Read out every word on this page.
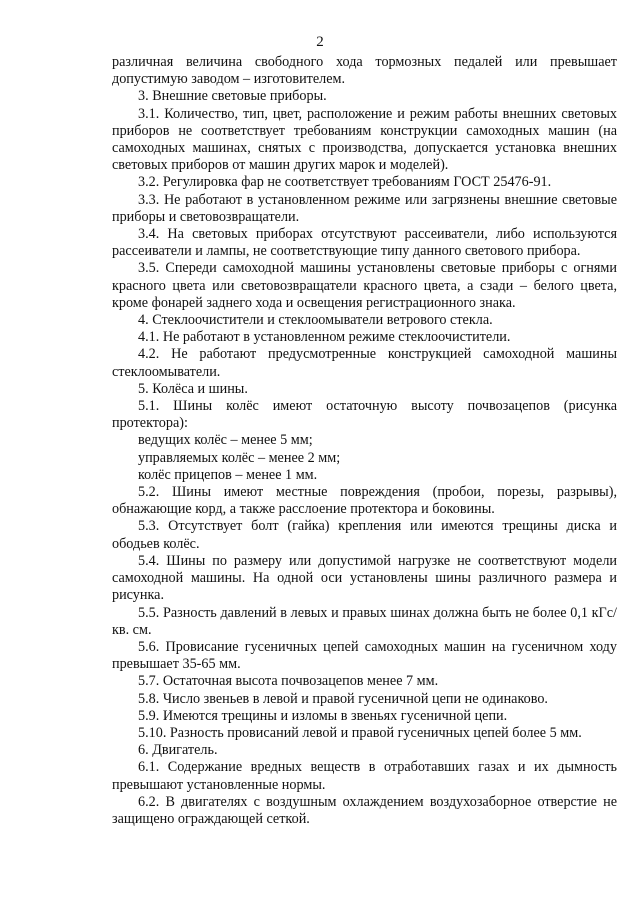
2

различная величина свободного хода тормозных педалей или превышает допустимую заводом – изготовителем.

3. Внешние световые приборы.

3.1. Количество, тип, цвет, расположение и режим работы внешних световых приборов не соответствует требованиям конструкции самоходных машин (на самоходных машинах, снятых с производства, допускается установка внешних световых приборов от машин других марок и моделей).

3.2. Регулировка фар не соответствует требованиям ГОСТ 25476-91.

3.3. Не работают в установленном режиме или загрязнены внешние световые приборы и световозвращатели.

3.4. На световых приборах отсутствуют рассеиватели, либо используются рассеиватели и лампы, не соответствующие типу данного светового прибора.

3.5. Спереди самоходной машины установлены световые приборы с огнями красного цвета или световозвращатели красного цвета, а сзади – белого цвета, кроме фонарей заднего хода и освещения регистрационного знака.

4. Стеклоочистители и стеклоомыватели ветрового стекла.

4.1. Не работают в установленном режиме стеклоочистители.

4.2. Не работают предусмотренные конструкцией самоходной машины стеклоомыватели.

5. Колёса и шины.

5.1. Шины колёс имеют остаточную высоту почвозацепов (рисунка протектора):

ведущих колёс – менее 5 мм;

управляемых колёс – менее 2 мм;

колёс прицепов – менее 1 мм.

5.2. Шины имеют местные повреждения (пробои, порезы, разрывы), обнажающие корд, а также расслоение протектора и боковины.

5.3. Отсутствует болт (гайка) крепления или имеются трещины диска и ободьев колёс.

5.4. Шины по размеру или допустимой нагрузке не соответствуют модели самоходной машины. На одной оси установлены шины различного размера и рисунка.

5.5. Разность давлений в левых и правых шинах должна быть не более 0,1 кГс/кв. см.

5.6. Провисание гусеничных цепей самоходных машин на гусеничном ходу превышает 35-65 мм.

5.7. Остаточная высота почвозацепов менее 7 мм.

5.8. Число звеньев в левой и правой гусеничной цепи не одинаково.

5.9. Имеются трещины и изломы в звеньях гусеничной цепи.

5.10. Разность провисаний левой и правой гусеничных цепей более 5 мм.

6. Двигатель.

6.1. Содержание вредных веществ в отработавших газах и их дымность превышают установленные нормы.

6.2. В двигателях с воздушным охлаждением воздухозаборное отверстие не защищено ограждающей сеткой.
